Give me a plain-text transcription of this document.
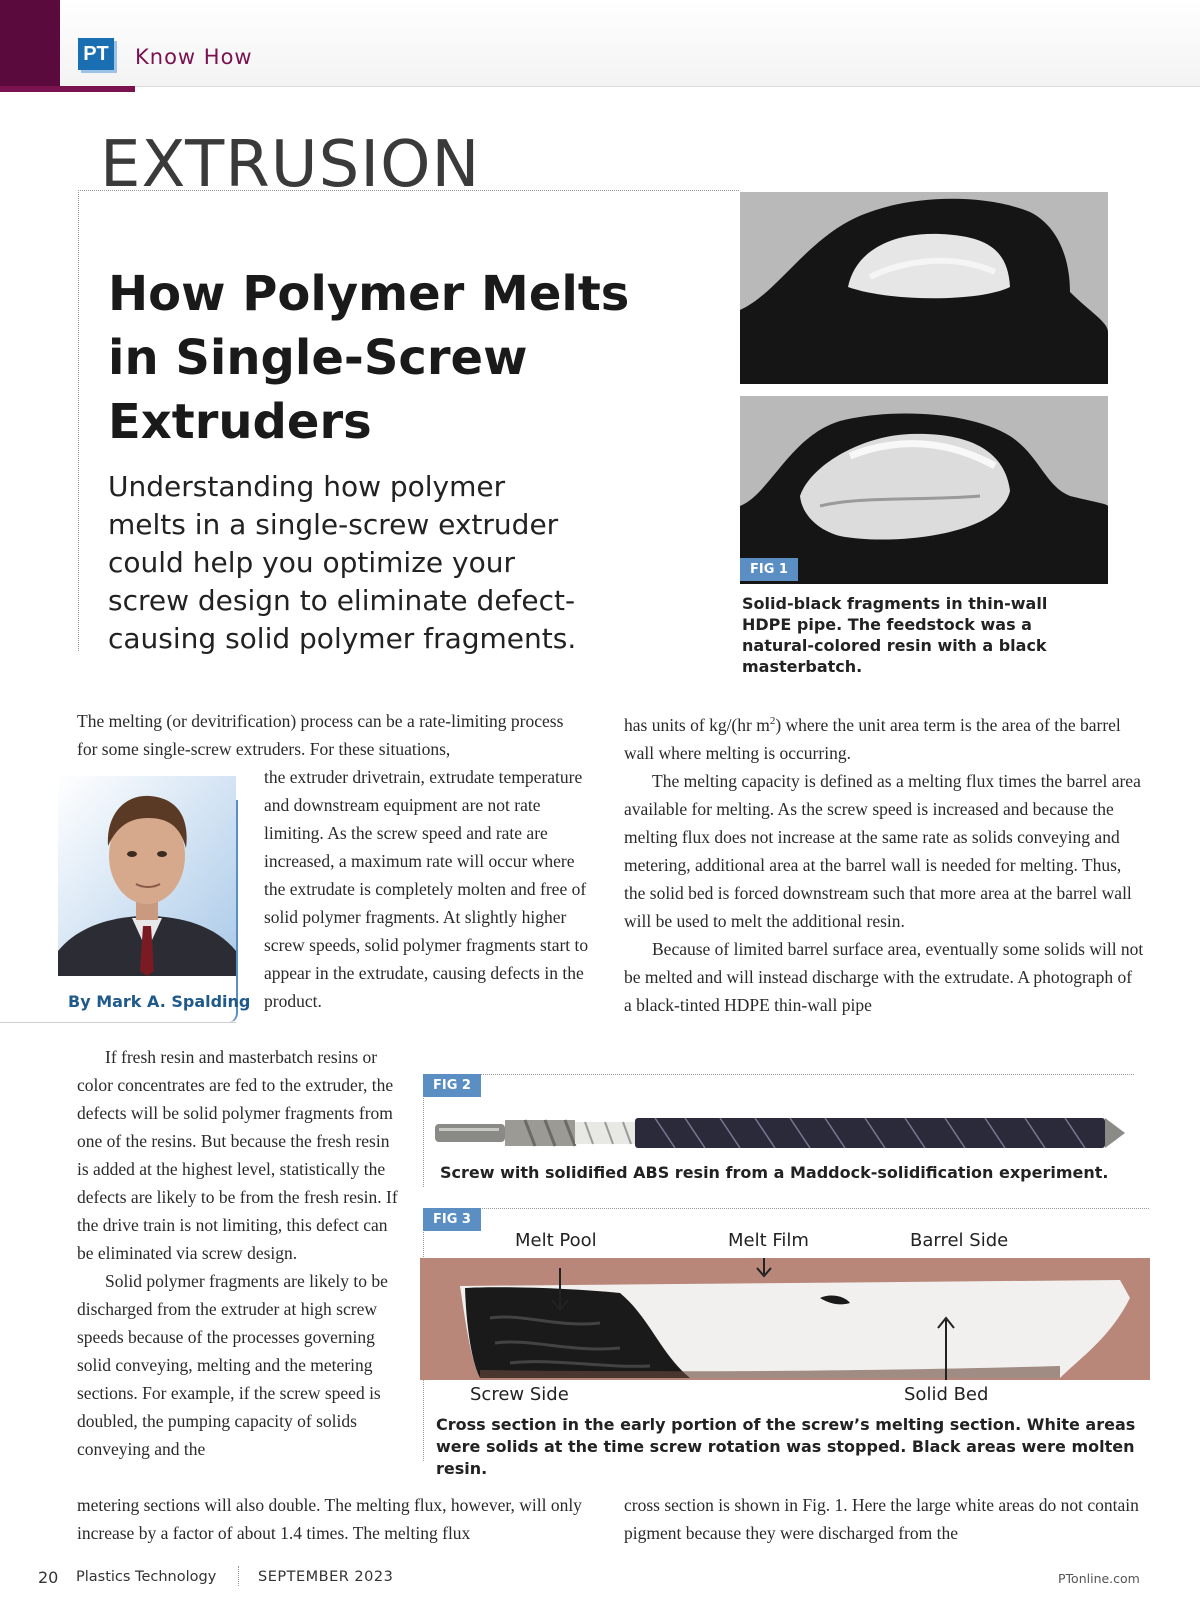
PT Know How
EXTRUSION
How Polymer Melts in Single-Screw Extruders

Understanding how polymer melts in a single-screw extruder could help you optimize your screw design to eliminate defect-causing solid polymer fragments.

FIG 1

Solid-black fragments in thin-wall HDPE pipe. The feedstock was a natural-colored resin with a black masterbatch.

The melting (or devitrification) process can be a rate-limiting process for some single-screw extruders. For these situations,

the extruder drivetrain, extrudate temperature and downstream equipment are not rate limiting. As the screw speed and rate are increased, a maximum rate will occur where the extrudate is completely molten and free of solid polymer fragments. At slightly higher screw speeds, solid polymer fragments start to appear in the extrudate, causing defects in the product.

By Mark A. Spalding

If fresh resin and masterbatch resins or color concentrates are fed to the extruder, the defects will be solid polymer fragments from one of the resins. But because the fresh resin is added at the highest level, statistically the defects are likely to be from the fresh resin. If the drive train is not limiting, this defect can be eliminated via screw design.

Solid polymer fragments are likely to be discharged from the extruder at high screw speeds because of the processes governing solid conveying, melting and the metering sections. For example, if the screw speed is doubled, the pumping capacity of solids conveying and the

metering sections will also double. The melting flux, however, will only increase by a factor of about 1.4 times. The melting flux

has units of kg/(hr $m^2$) where the unit area term is the area of the barrel wall where melting is occurring.

The melting capacity is defined as a melting flux times the barrel area available for melting. As the screw speed is increased and because the melting flux does not increase at the same rate as solids conveying and metering, additional area at the barrel wall is needed for melting. Thus, the solid bed is forced downstream such that more area at the barrel wall will be used to melt the additional resin.

Because of limited barrel surface area, eventually some solids will not be melted and will instead discharge with the extrudate. A photograph of a black-tinted HDPE thin-wall pipe

cross section is shown in Fig. 1. Here the large white areas do not contain pigment because they were discharged from the

FIG 2

Screw with solidified ABS resin from a Maddock-solidification experiment.

FIG 3
Melt Pool	Melt Film	Barrel Side
Screw Side	Solid Bed

Cross section in the early portion of the screw’s melting section. White areas were solids at the time screw rotation was stopped. Black areas were molten resin.

20 Plastics Technology	SEPTEMBER 2023	PTonline.com
